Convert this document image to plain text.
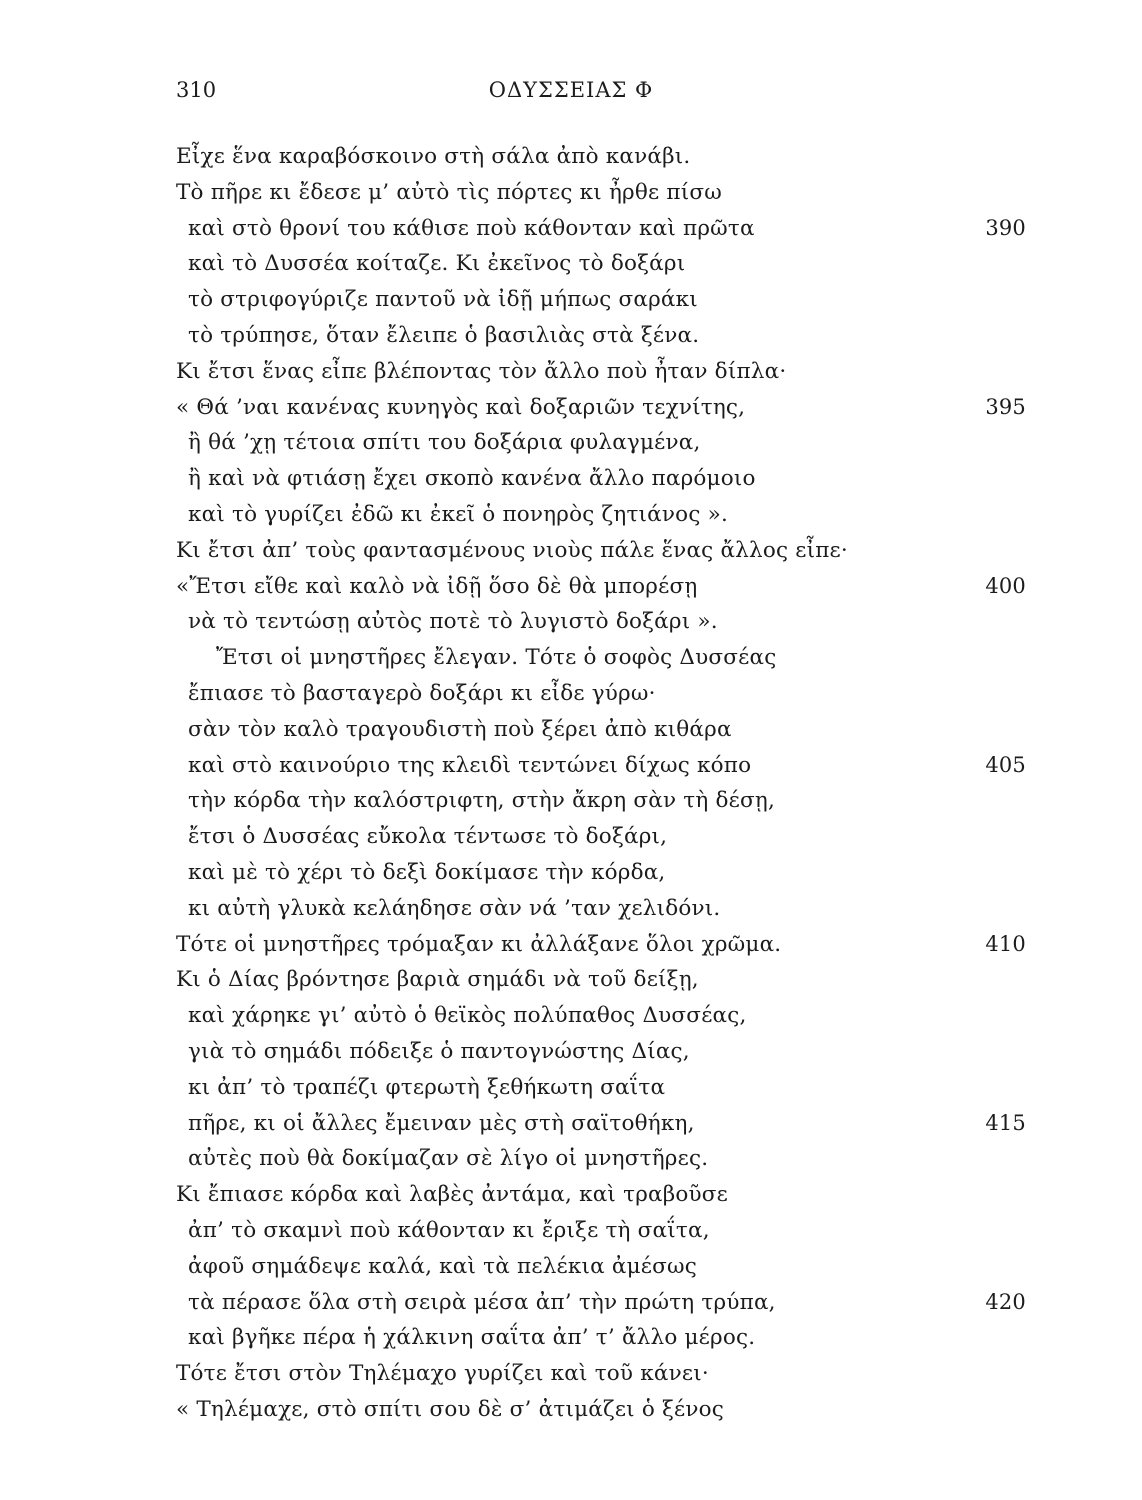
310	ΟΔΥΣΣΕΙΑΣ Φ
Εἶχε ἕνα καραβόσκοινο στὴ σάλα ἀπὸ κανάβι.
Τὸ πῆρε κι ἔδεσε μ’ αὐτὸ τὶς πόρτες κι ἦρθε πίσω
καὶ στὸ θρονί του κάθισε ποὺ κάθονταν καὶ πρῶτα	390
καὶ τὸ Δυσσέα κοίταζε. Κι ἐκεῖνος τὸ δοξάρι
τὸ στριφογύριζε παντοῦ νὰ ἰδῇ μήπως σαράκι
τὸ τρύπησε, ὅταν ἔλειπε ὁ βασιλιὰς στὰ ξένα.
Κι ἔτσι ἕνας εἶπε βλέποντας τὸν ἄλλο ποὺ ἦταν δίπλα·
« Θά ’ναι κανένας κυνηγὸς καὶ δοξαριῶν τεχνίτης,	395
ἢ θά ’χῃ τέτοια σπίτι του δοξάρια φυλαγμένα,
ἢ καὶ νὰ φτιάσῃ ἔχει σκοπὸ κανένα ἄλλο παρόμοιο
καὶ τὸ γυρίζει ἐδῶ κι ἐκεῖ ὁ πονηρὸς ζητιάνος ».
Κι ἔτσι ἀπ’ τοὺς φαντασμένους νιοὺς πάλε ἕνας ἄλλος εἶπε·
«Ἔτσι εἴθε καὶ καλὸ νὰ ἰδῇ ὅσο δὲ θὰ μπορέσῃ	400
νὰ τὸ τεντώσῃ αὐτὸς ποτὲ τὸ λυγιστὸ δοξάρι ».
Ἔτσι οἱ μνηστῆρες ἔλεγαν. Τότε ὁ σοφὸς Δυσσέας
ἔπιασε τὸ βασταγερὸ δοξάρι κι εἶδε γύρω·
σὰν τὸν καλὸ τραγουδιστὴ ποὺ ξέρει ἀπὸ κιθάρα
καὶ στὸ καινούριο της κλειδὶ τεντώνει δίχως κόπο	405
τὴν κόρδα τὴν καλόστριφτη, στὴν ἄκρη σὰν τὴ δέσῃ,
ἔτσι ὁ Δυσσέας εὔκολα τέντωσε τὸ δοξάρι,
καὶ μὲ τὸ χέρι τὸ δεξὶ δοκίμασε τὴν κόρδα,
κι αὐτὴ γλυκὰ κελάηδησε σὰν νά ’ταν χελιδόνι.
Τότε οἱ μνηστῆρες τρόμαξαν κι ἀλλάξανε ὅλοι χρῶμα.	410
Κι ὁ Δίας βρόντησε βαριὰ σημάδι νὰ τοῦ δείξῃ,
καὶ χάρηκε γι’ αὐτὸ ὁ θεϊκὸς πολύπαθος Δυσσέας,
γιὰ τὸ σημάδι πόδειξε ὁ παντογνώστης Δίας,
κι ἀπ’ τὸ τραπέζι φτερωτὴ ξεθήκωτη σαΐτα
πῆρε, κι οἱ ἄλλες ἔμειναν μὲς στὴ σαϊτοθήκη,	415
αὐτὲς ποὺ θὰ δοκίμαζαν σὲ λίγο οἱ μνηστῆρες.
Κι ἔπιασε κόρδα καὶ λαβὲς ἀντάμα, καὶ τραβοῦσε
ἀπ’ τὸ σκαμνὶ ποὺ κάθονταν κι ἔριξε τὴ σαΐτα,
ἀφοῦ σημάδεψε καλά, καὶ τὰ πελέκια ἀμέσως
τὰ πέρασε ὅλα στὴ σειρὰ μέσα ἀπ’ τὴν πρώτη τρύπα,	420
καὶ βγῆκε πέρα ἡ χάλκινη σαΐτα ἀπ’ τ’ ἄλλο μέρος.
Τότε ἔτσι στὸν Τηλέμαχο γυρίζει καὶ τοῦ κάνει·
« Τηλέμαχε, στὸ σπίτι σου δὲ σ’ ἀτιμάζει ὁ ξένος
